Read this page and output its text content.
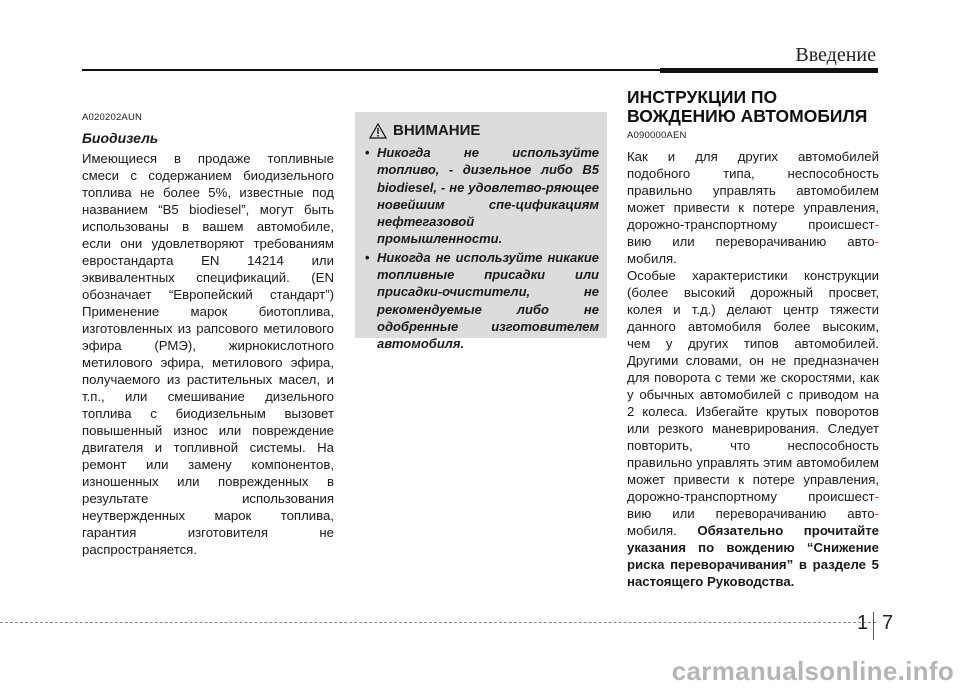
Введение
A020202AUN
Биодизель

Имеющиеся в продаже топливные смеси с содержанием биодизельного топлива не более 5%, известные под названием “B5 biodiesel”, могут быть использованы в вашем автомобиле, если они удовлетворяют требованиям евростандарта EN 14214 или эквивалентных спецификаций. (EN обозначает “Европейский стандарт”) Применение марок биотоплива, изготовленных из рапсового метилового эфира (РМЭ), жирнокислотного метилового эфира, метилового эфира, получаемого из растительных масел, и т.п., или смешивание дизельного топлива с биодизельным вызовет повышенный износ или повреждение двигателя и топливной системы. На ремонт или замену компонентов, изношенных или поврежденных в результате использования неутвержденных марок топлива, гарантия изготовителя не распространяется.

ВНИМАНИЕ
• Никогда не используйте топливо, - дизельное либо B5 biodiesel, - не удовлетво-ряющее новейшим спе-цификациям нефтегазовой промышленности.
• Никогда не используйте никакие топливные присадки или присадки-очистители, не рекомендуемые либо не одобренные изготовителем автомобиля.
ИНСТРУКЦИИ ПО ВОЖДЕНИЮ АВТОМОБИЛЯ
A090000AEN

Как и для других автомобилей подобного типа, неспособность правильно управлять автомобилем может привести к потере управления, дорожно-транспортному происшест- вию или переворачиванию авто- мобиля.

Особые характеристики конструкции (более высокий дорожный просвет, колея и т.д.) делают центр тяжести данного автомобиля более высоким, чем у других типов автомобилей. Другими словами, он не предназначен для поворота с теми же скоростями, как у обычных автомобилей с приводом на 2 колеса. Избегайте крутых поворотов или резкого маневрирования. Следует повторить, что неспособность правильно управлять этим автомобилем может привести к потере управления, дорожно-транспортному происшест- вию или переворачиванию авто- мобиля. Обязательно прочитайте указания по вождению “Снижение риска переворачивания” в разделе 5 настоящего Руководства.

1 7
carmanualsonline.info
